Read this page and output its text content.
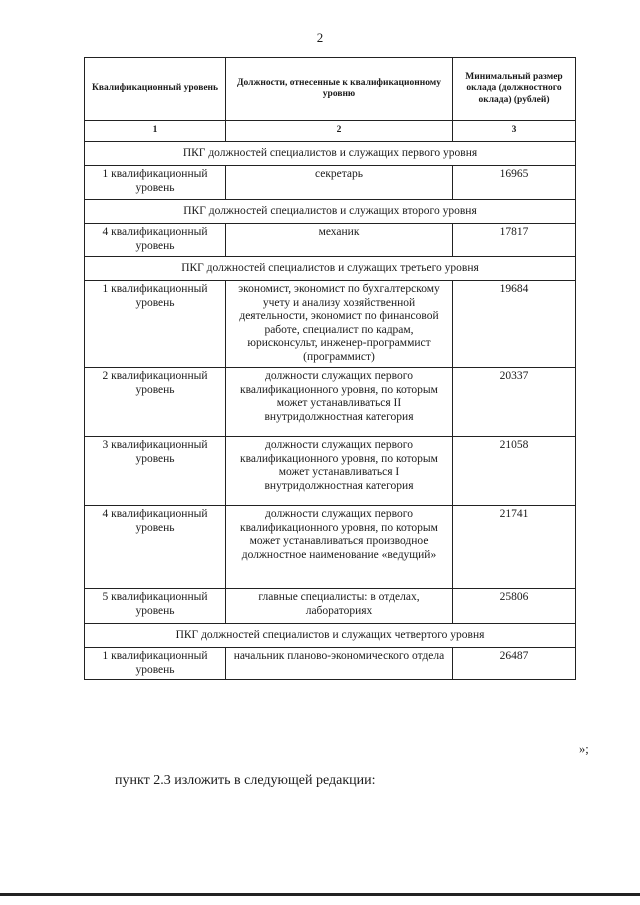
2
Квалификационный уровень	Должности, отнесенные к квалификационному уровню	Минимальный размер оклада (должностного оклада) (рублей)
1	2	3
ПКГ должностей специалистов и служащих первого уровня		
1 квалификационный уровень	секретарь	16965
ПКГ должностей специалистов и служащих второго уровня		
4 квалификационный уровень	механик	17817
ПКГ должностей специалистов и служащих третьего уровня		
1 квалификационный уровень	экономист, экономист по бухгалтерскому учету и анализу хозяйственной деятельности, экономист по финансовой работе, специалист по кадрам, юрисконсульт, инженер-программист (программист)	19684
2 квалификационный уровень	должности служащих первого квалификационного уровня, по которым может устанавливаться II внутридолжностная категория	20337
3 квалификационный уровень	должности служащих первого квалификационного уровня, по которым может устанавливаться I внутридолжностная категория	21058
4 квалификационный уровень	должности служащих первого квалификационного уровня, по которым может устанавливаться производное должностное наименование «ведущий»	21741
5 квалификационный уровень	главные специалисты: в отделах, лабораториях	25806
ПКГ должностей специалистов и служащих четвертого уровня		
1 квалификационный уровень	начальник планово-экономического отдела	26487
»;
пункт 2.3 изложить в следующей редакции:
